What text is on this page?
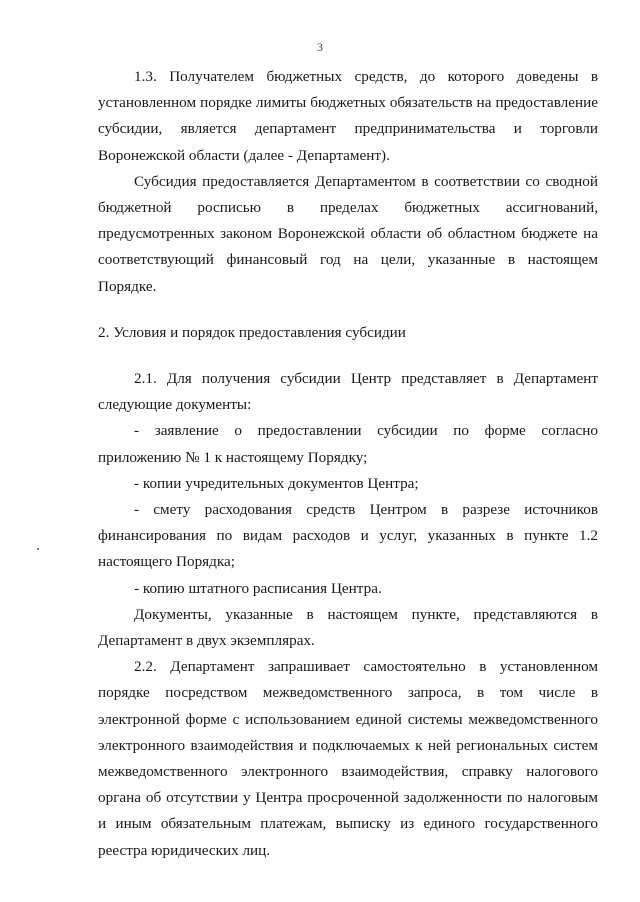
3

1.3. Получателем бюджетных средств, до которого доведены в установленном порядке лимиты бюджетных обязательств на предоставление субсидии, является департамент предпринимательства и торговли Воронежской области (далее - Департамент).

Субсидия предоставляется Департаментом в соответствии со сводной бюджетной росписью в пределах бюджетных ассигнований, предусмотренных законом Воронежской области об областном бюджете на соответствующий финансовый год на цели, указанные в настоящем Порядке.

2. Условия и порядок предоставления субсидии

2.1. Для получения субсидии Центр представляет в Департамент следующие документы:

- заявление о предоставлении субсидии по форме согласно приложению № 1 к настоящему Порядку;

- копии учредительных документов Центра;

- смету расходования средств Центром в разрезе источников финансирования по видам расходов и услуг, указанных в пункте 1.2 настоящего Порядка;

- копию штатного расписания Центра.

Документы, указанные в настоящем пункте, представляются в Департамент в двух экземплярах.

2.2. Департамент запрашивает самостоятельно в установленном порядке посредством межведомственного запроса, в том числе в электронной форме с использованием единой системы межведомственного электронного взаимодействия и подключаемых к ней региональных систем межведомственного электронного взаимодействия, справку налогового органа об отсутствии у Центра просроченной задолженности по налоговым и иным обязательным платежам, выписку из единого государственного реестра юридических лиц.
